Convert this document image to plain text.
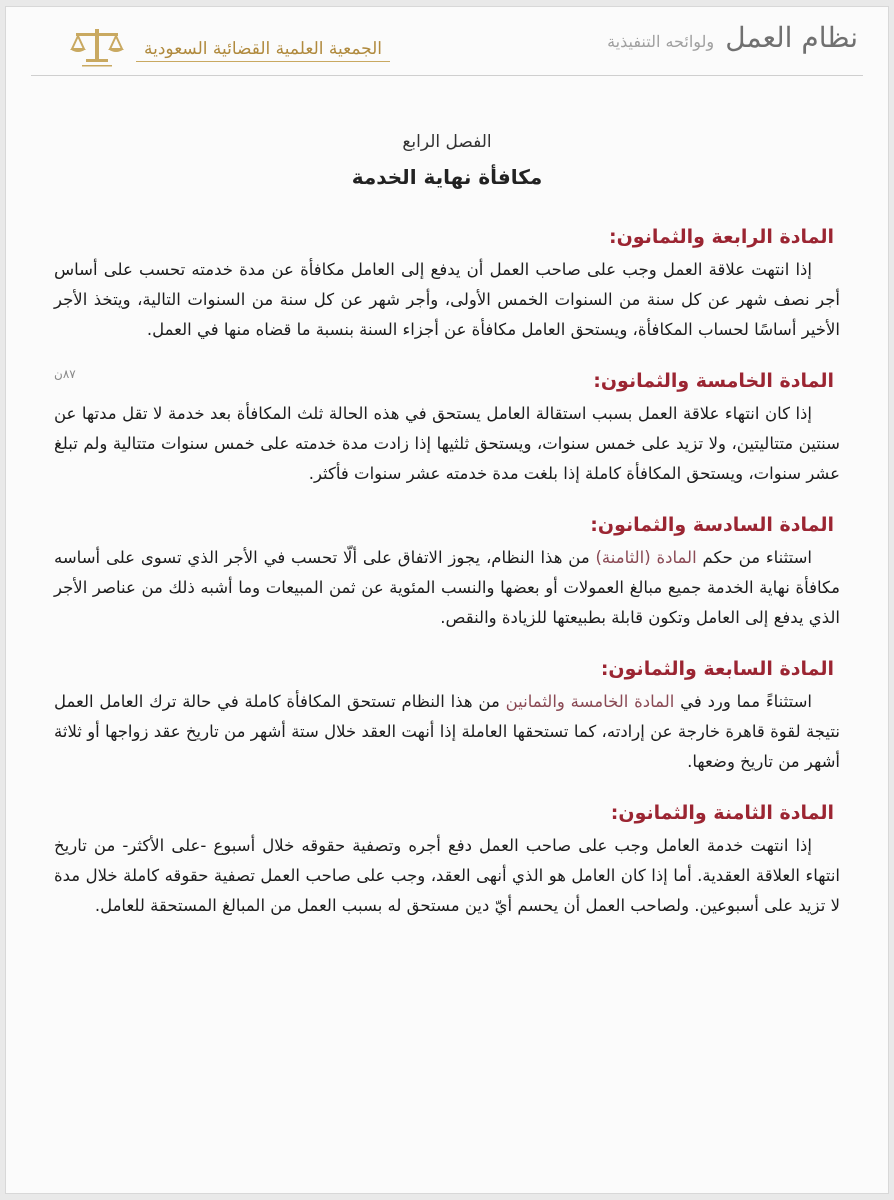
الجمعية العلمية القضائية السعودية	نظام العمل ولوائحه التنفيذية

الفصل الرابع

مكافأة نهاية الخدمة

المادة الرابعة والثمانون:

إذا انتهت علاقة العمل وجب على صاحب العمل أن يدفع إلى العامل مكافأة عن مدة خدمته تحسب على أساس أجر نصف شهر عن كل سنة من السنوات الخمس الأولى، وأجر شهر عن كل سنة من السنوات التالية، ويتخذ الأجر الأخير أساسًا لحساب المكافأة، ويستحق العامل مكافأة عن أجزاء السنة بنسبة ما قضاه منها في العمل.

٨٧ن	المادة الخامسة والثمانون:

إذا كان انتهاء علاقة العمل بسبب استقالة العامل يستحق في هذه الحالة ثلث المكافأة بعد خدمة لا تقل مدتها عن سنتين متتاليتين، ولا تزيد على خمس سنوات، ويستحق ثلثيها إذا زادت مدة خدمته على خمس سنوات متتالية ولم تبلغ عشر سنوات، ويستحق المكافأة كاملة إذا بلغت مدة خدمته عشر سنوات فأكثر.

المادة السادسة والثمانون:

استثناء من حكم المادة (الثامنة) من هذا النظام، يجوز الاتفاق على ألّا تحسب في الأجر الذي تسوى على أساسه مكافأة نهاية الخدمة جميع مبالغ العمولات أو بعضها والنسب المئوية عن ثمن المبيعات وما أشبه ذلك من عناصر الأجر الذي يدفع إلى العامل وتكون قابلة بطبيعتها للزيادة والنقص.

المادة السابعة والثمانون:

استثناءً مما ورد في المادة الخامسة والثمانين من هذا النظام تستحق المكافأة كاملة في حالة ترك العامل العمل نتيجة لقوة قاهرة خارجة عن إرادته، كما تستحقها العاملة إذا أنهت العقد خلال ستة أشهر من تاريخ عقد زواجها أو ثلاثة أشهر من تاريخ وضعها.

المادة الثامنة والثمانون:

إذا انتهت خدمة العامل وجب على صاحب العمل دفع أجره وتصفية حقوقه خلال أسبوع -على الأكثر- من تاريخ انتهاء العلاقة العقدية. أما إذا كان العامل هو الذي أنهى العقد، وجب على صاحب العمل تصفية حقوقه كاملة خلال مدة لا تزيد على أسبوعين. ولصاحب العمل أن يحسم أيّ دين مستحق له بسبب العمل من المبالغ المستحقة للعامل.
